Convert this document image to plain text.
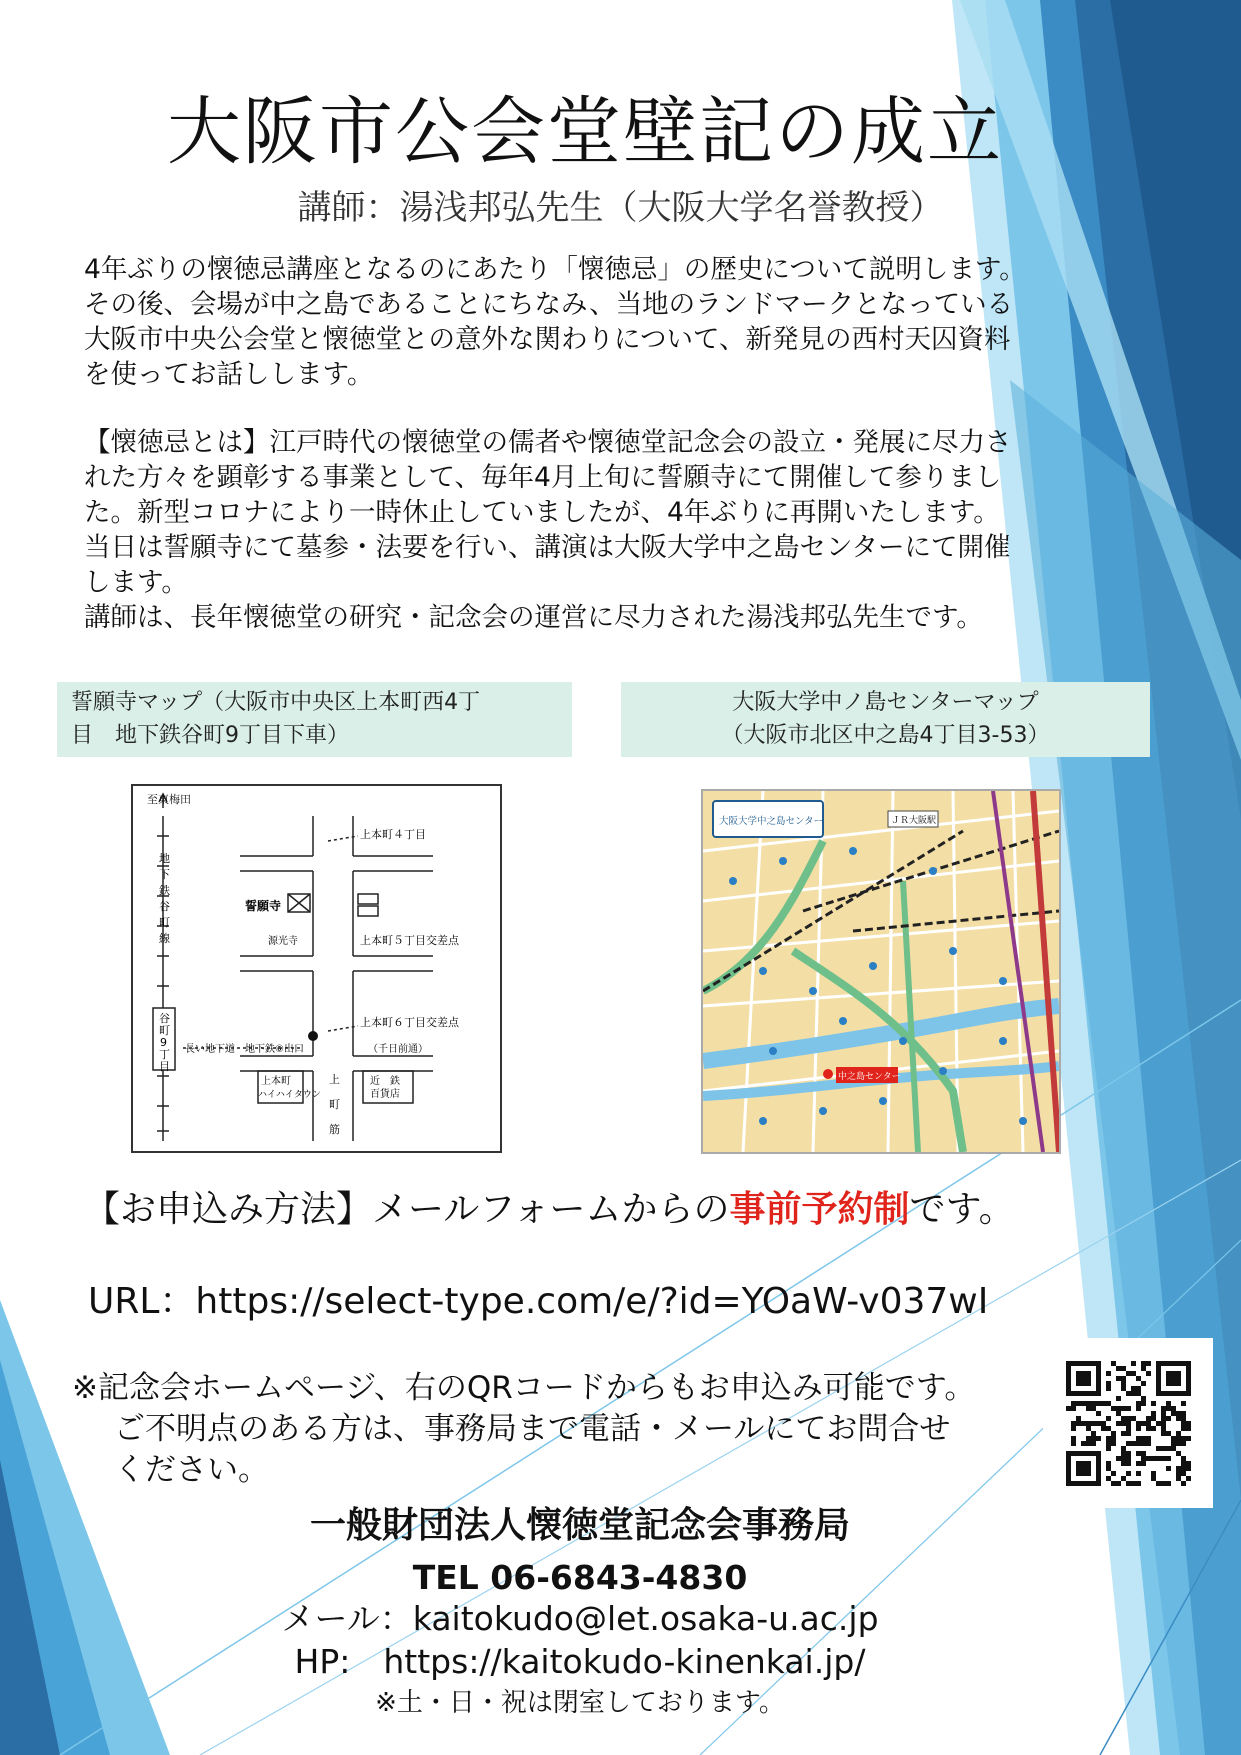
大阪市公会堂壁記の成立
講師：湯浅邦弘先生（大阪大学名誉教授）

4年ぶりの懐徳忌講座となるのにあたり「懐徳忌」の歴史について説明します。

その後、会場が中之島であることにちなみ、当地のランドマークとなっている

大阪市中央公会堂と懐徳堂との意外な関わりについて、新発見の西村天囚資料

を使ってお話しします。

【懐徳忌とは】江戸時代の懐徳堂の儒者や懐徳堂記念会の設立・発展に尽力さ

れた方々を顕彰する事業として、毎年4月上旬に誓願寺にて開催して参りまし

た。新型コロナにより一時休止していましたが、4年ぶりに再開いたします。

当日は誓願寺にて墓参・法要を行い、講演は大阪大学中之島センターにて開催

します。

講師は、長年懐徳堂の研究・記念会の運営に尽力された湯浅邦弘先生です。

誓願寺マップ（大阪市中央区上本町西4丁
目　地下鉄谷町9丁目下車）
大阪大学中ノ島センターマップ
（大阪市北区中之島4丁目3-53）
至東梅田
地
下
鉄
谷
町
線
谷
町
9
丁
目
上本町４丁目
誓願寺
源光寺	上本町５丁目交差点
上本町６丁目交差点
長い地下道 地下鉄⑥出口	（千日前通）
上本町
ハイハイタウン
上
町
筋
近　鉄
百貨店
中之島センター
大阪大学中之島センター	ＪＲ大阪駅
【お申込み方法】メールフォームからの事前予約制です。
URL：https://select-type.com/e/?id=YOaW-v037wI
※記念会ホームページ、右のQRコードからもお申込み可能です。
ご不明点のある方は、事務局まで電話・メールにてお問合せ
ください。
一般財団法人懐徳堂記念会事務局
TEL 06-6843-4830
メール：kaitokudo@let.osaka-u.ac.jp
HP:　https://kaitokudo-kinenkai.jp/
※土・日・祝は閉室しております。
